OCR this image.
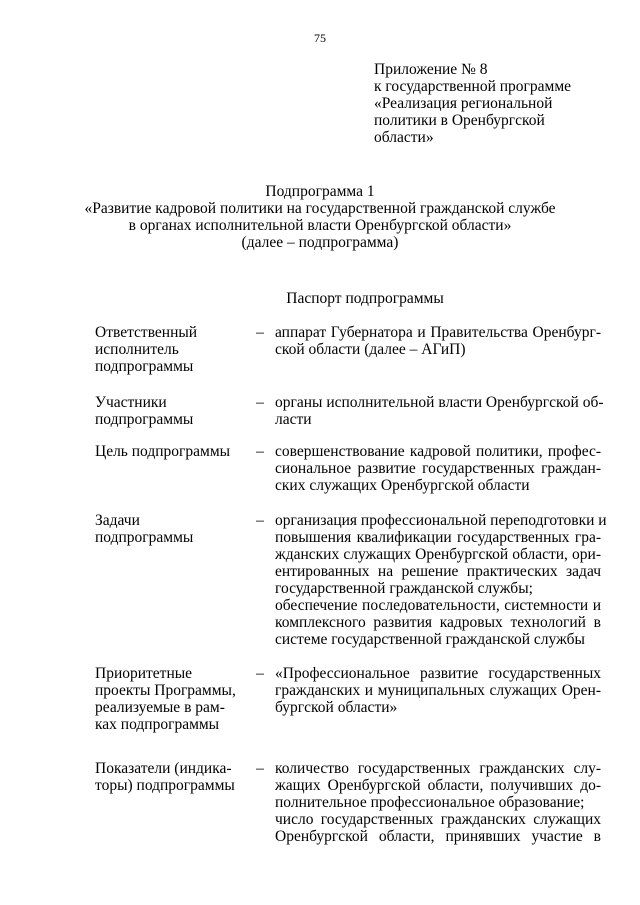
75
Приложение № 8
к государственной программе
«Реализация региональной
политики в Оренбургской
области»
Подпрограмма 1
«Развитие кадровой политики на государственной гражданской службе
в органах исполнительной власти Оренбургской области»
(далее – подпрограмма)
Паспорт подпрограммы
Ответственный
исполнитель
подпрограммы
– аппарат Губернатора и Правительства Оренбург-
ской области (далее – АГиП)
Участники
подпрограммы
– органы исполнительной власти Оренбургской об-
ласти
Цель подпрограммы	– совершенствование кадровой политики, профес-
сиональное развитие государственных граждан-
ских служащих Оренбургской области
Задачи
подпрограммы
– организация профессиональной переподготовки и
повышения квалификации государственных гра-
жданских служащих Оренбургской области, ори-
ентированных на решение практических задач
государственной гражданской службы;
обеспечение последовательности, системности и
комплексного развития кадровых технологий в
системе государственной гражданской службы
Приоритетные
проекты Программы,
реализуемые в рам-
ках подпрограммы
– «Профессиональное развитие государственных
гражданских и муниципальных служащих Орен-
бургской области»
Показатели (индика-
торы) подпрограммы
– количество государственных гражданских слу-
жащих Оренбургской области, получивших до-
полнительное профессиональное образование;
число государственных гражданских служащих
Оренбургской области, принявших участие в
